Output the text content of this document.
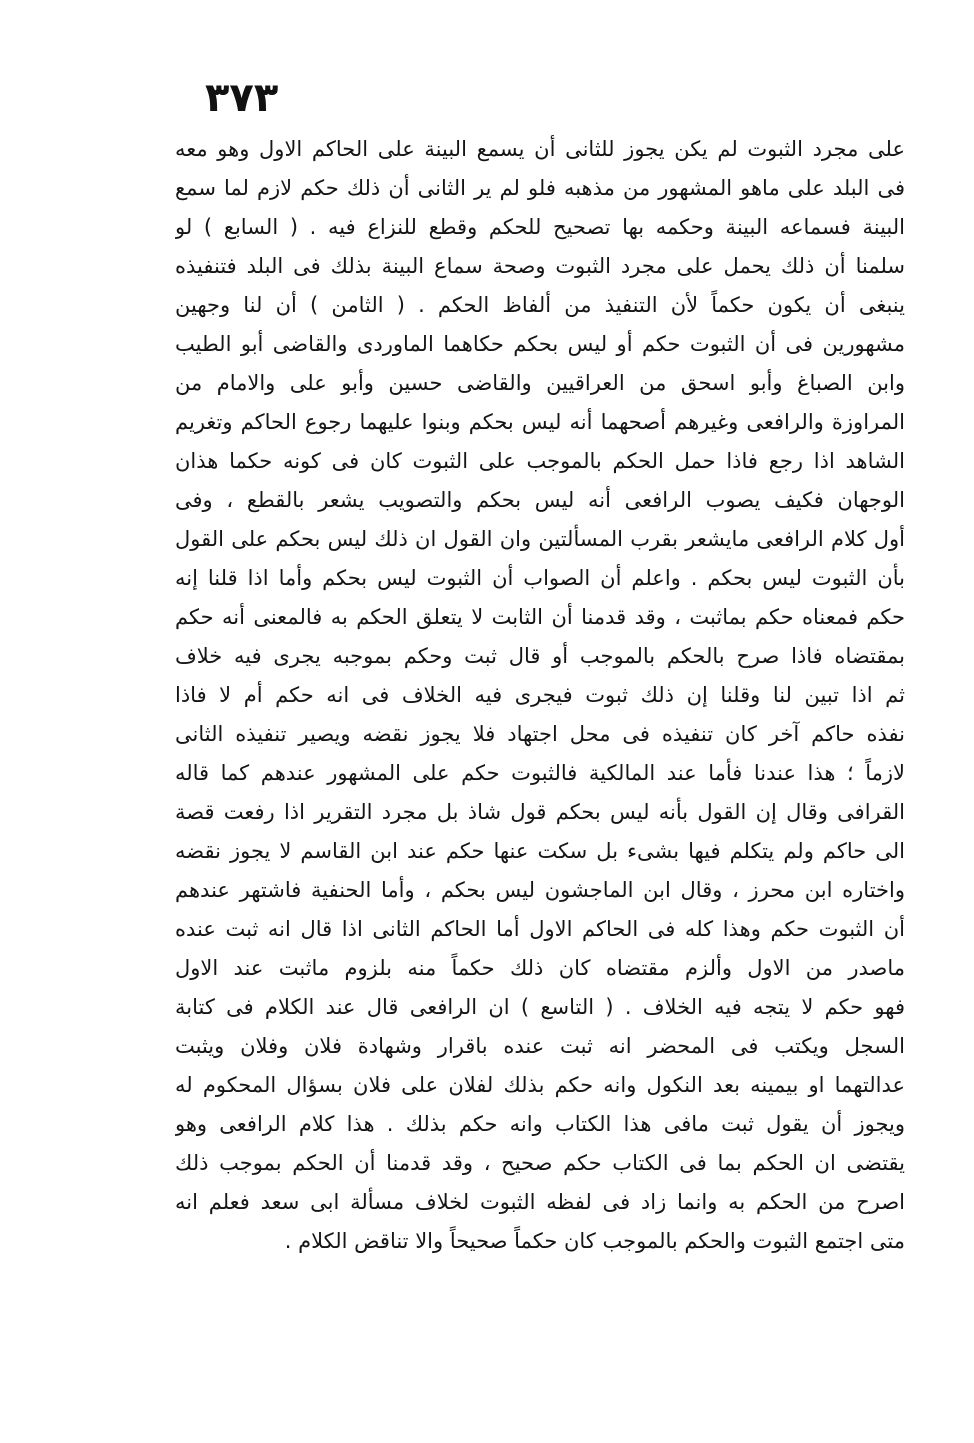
٣٧٣
على مجرد الثبوت لم يكن يجوز للثانى أن يسمع البينة على الحاكم الاول وهو معه
فى البلد على ماهو المشهور من مذهبه فلو لم ير الثانى أن ذلك حكم لازم لما سمع
البينة فسماعه البينة وحكمه بها تصحيح للحكم وقطع للنزاع فيه . ( السابع ) لو
سلمنا أن ذلك يحمل على مجرد الثبوت وصحة سماع البينة بذلك فى البلد فتنفيذه
ينبغى أن يكون حكماً لأن التنفيذ من ألفاظ الحكم . ( الثامن ) أن لنا وجهين
مشهورين فى أن الثبوت حكم أو ليس بحكم حكاهما الماوردى والقاضى أبو الطيب
وابن الصباغ وأبو اسحق من العراقيين والقاضى حسين وأبو على والامام من
المراوزة والرافعى وغيرهم أصحهما أنه ليس بحكم وبنوا عليهما رجوع الحاكم وتغريم
الشاهد اذا رجع فاذا حمل الحكم بالموجب على الثبوت كان فى كونه حكما هذان
الوجهان فكيف يصوب الرافعى أنه ليس بحكم والتصويب يشعر بالقطع ، وفى
أول كلام الرافعى مايشعر بقرب المسألتين وان القول ان ذلك ليس بحكم على القول
بأن الثبوت ليس بحكم . واعلم أن الصواب أن الثبوت ليس بحكم وأما اذا قلنا إنه
حكم فمعناه حكم بماثبت ، وقد قدمنا أن الثابت لا يتعلق الحكم به فالمعنى أنه حكم
بمقتضاه فاذا صرح بالحكم بالموجب أو قال ثبت وحكم بموجبه يجرى فيه خلاف
ثم اذا تبين لنا وقلنا إن ذلك ثبوت فيجرى فيه الخلاف فى انه حكم أم لا فاذا
نفذه حاكم آخر كان تنفيذه فى محل اجتهاد فلا يجوز نقضه ويصير تنفيذه الثانى
لازماً ؛ هذا عندنا فأما عند المالكية فالثبوت حكم على المشهور عندهم كما قاله
القرافى وقال إن القول بأنه ليس بحكم قول شاذ بل مجرد التقرير اذا رفعت قصة
الى حاكم ولم يتكلم فيها بشىء بل سكت عنها حكم عند ابن القاسم لا يجوز نقضه
واختاره ابن محرز ، وقال ابن الماجشون ليس بحكم ، وأما الحنفية فاشتهر عندهم
أن الثبوت حكم وهذا كله فى الحاكم الاول أما الحاكم الثانى اذا قال انه ثبت عنده
ماصدر من الاول وألزم مقتضاه كان ذلك حكماً منه بلزوم ماثبت عند الاول
فهو حكم لا يتجه فيه الخلاف . ( التاسع ) ان الرافعى قال عند الكلام فى كتابة
السجل ويكتب فى المحضر انه ثبت عنده باقرار وشهادة فلان وفلان ويثبت
عدالتهما او بيمينه بعد النكول وانه حكم بذلك لفلان على فلان بسؤال المحكوم له
ويجوز أن يقول ثبت مافى هذا الكتاب وانه حكم بذلك . هذا كلام الرافعى وهو
يقتضى ان الحكم بما فى الكتاب حكم صحيح ، وقد قدمنا أن الحكم بموجب ذلك
اصرح من الحكم به وانما زاد فى لفظه الثبوت لخلاف مسألة ابى سعد فعلم انه
متى اجتمع الثبوت والحكم بالموجب كان حكماً صحيحاً والا تناقض الكلام .
